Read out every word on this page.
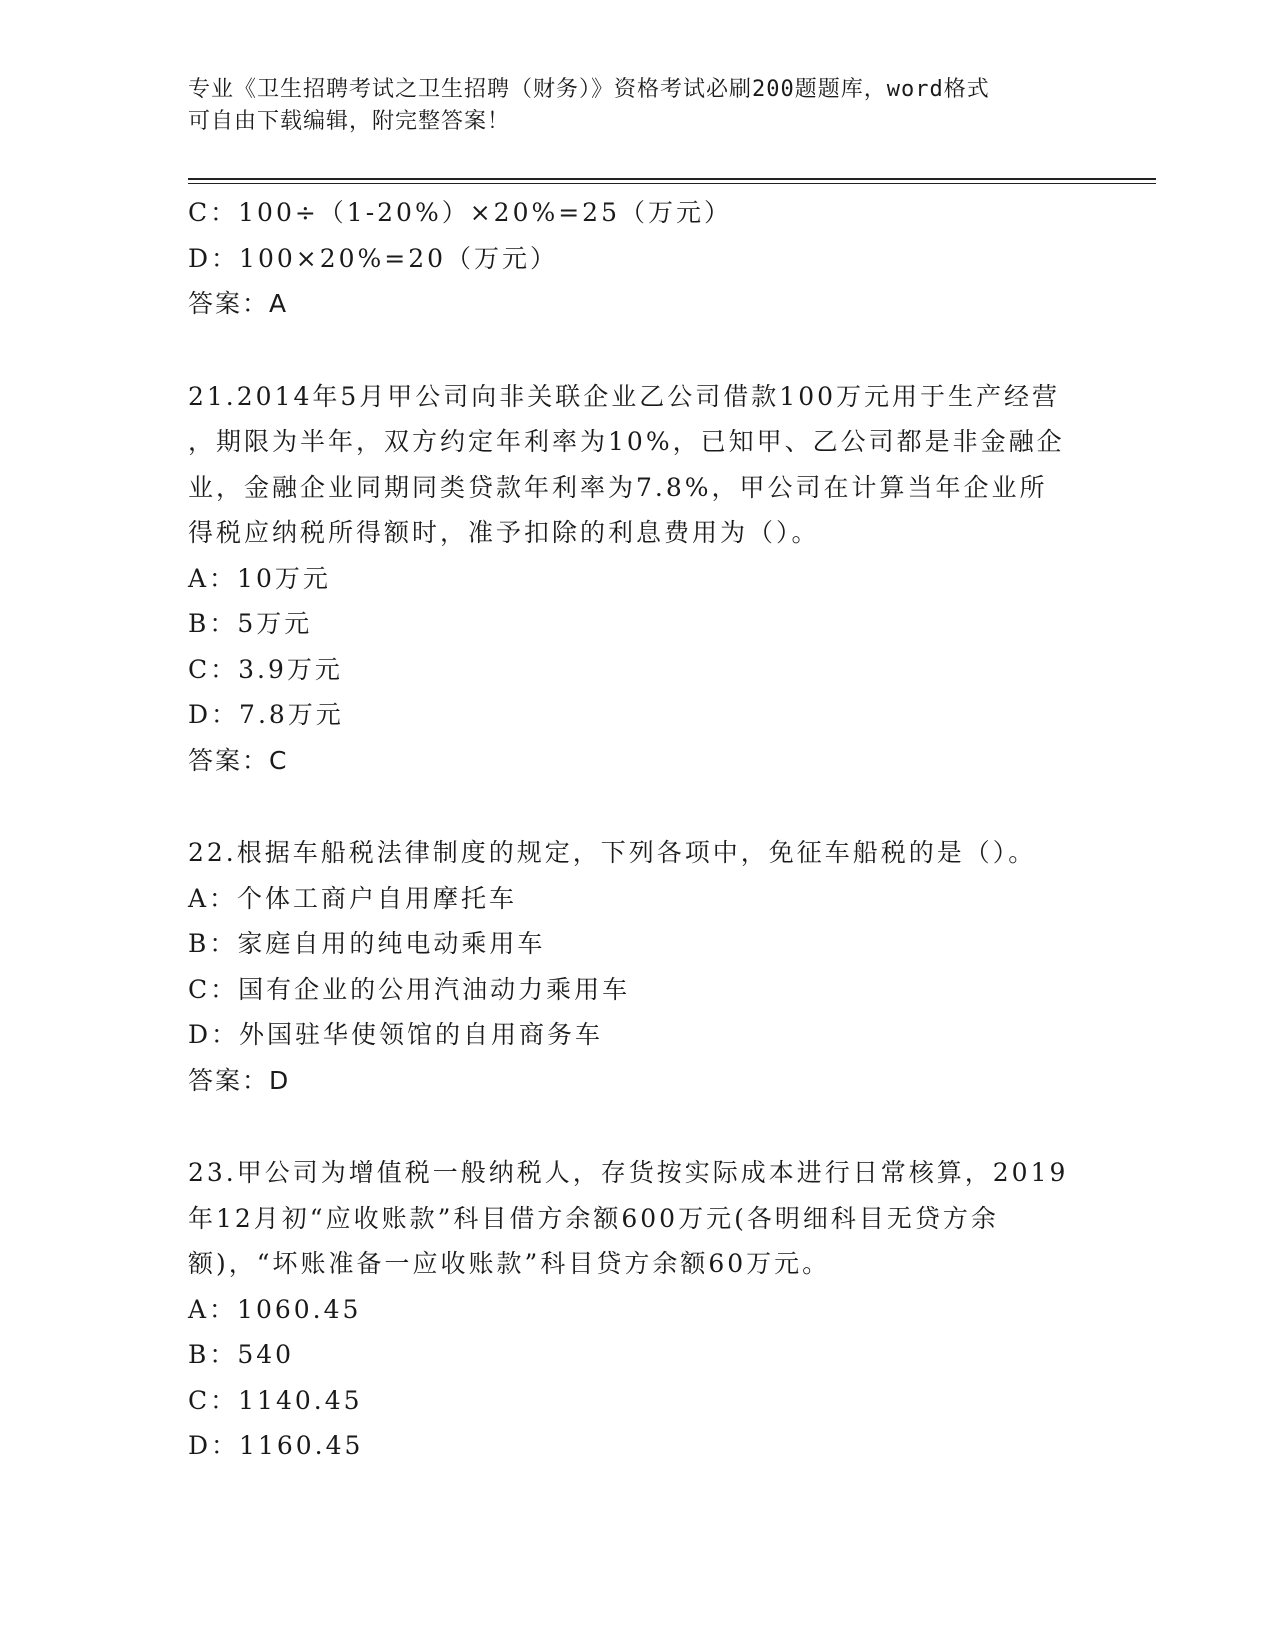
专业《卫生招聘考试之卫生招聘（财务）》资格考试必刷200题题库，word格式
可自由下载编辑，附完整答案！
C：100÷（1-20%）×20%=25（万元）
D：100×20%=20（万元）
答案：A
21.2014年5月甲公司向非关联企业乙公司借款100万元用于生产经营
，期限为半年，双方约定年利率为10%，已知甲、乙公司都是非金融企
业，金融企业同期同类贷款年利率为7.8%，甲公司在计算当年企业所
得税应纳税所得额时，准予扣除的利息费用为（）。
A：10万元
B：5万元
C：3.9万元
D：7.8万元
答案：C
22.根据车船税法律制度的规定，下列各项中，免征车船税的是（）。
A：个体工商户自用摩托车
B：家庭自用的纯电动乘用车
C：国有企业的公用汽油动力乘用车
D：外国驻华使领馆的自用商务车
答案：D
23.甲公司为增值税一般纳税人，存货按实际成本进行日常核算，2019
年12月初“应收账款”科目借方余额600万元(各明细科目无贷方余
额)，“坏账准备一应收账款”科目贷方余额60万元。
A：1060.45
B：540
C：1140.45
D：1160.45
